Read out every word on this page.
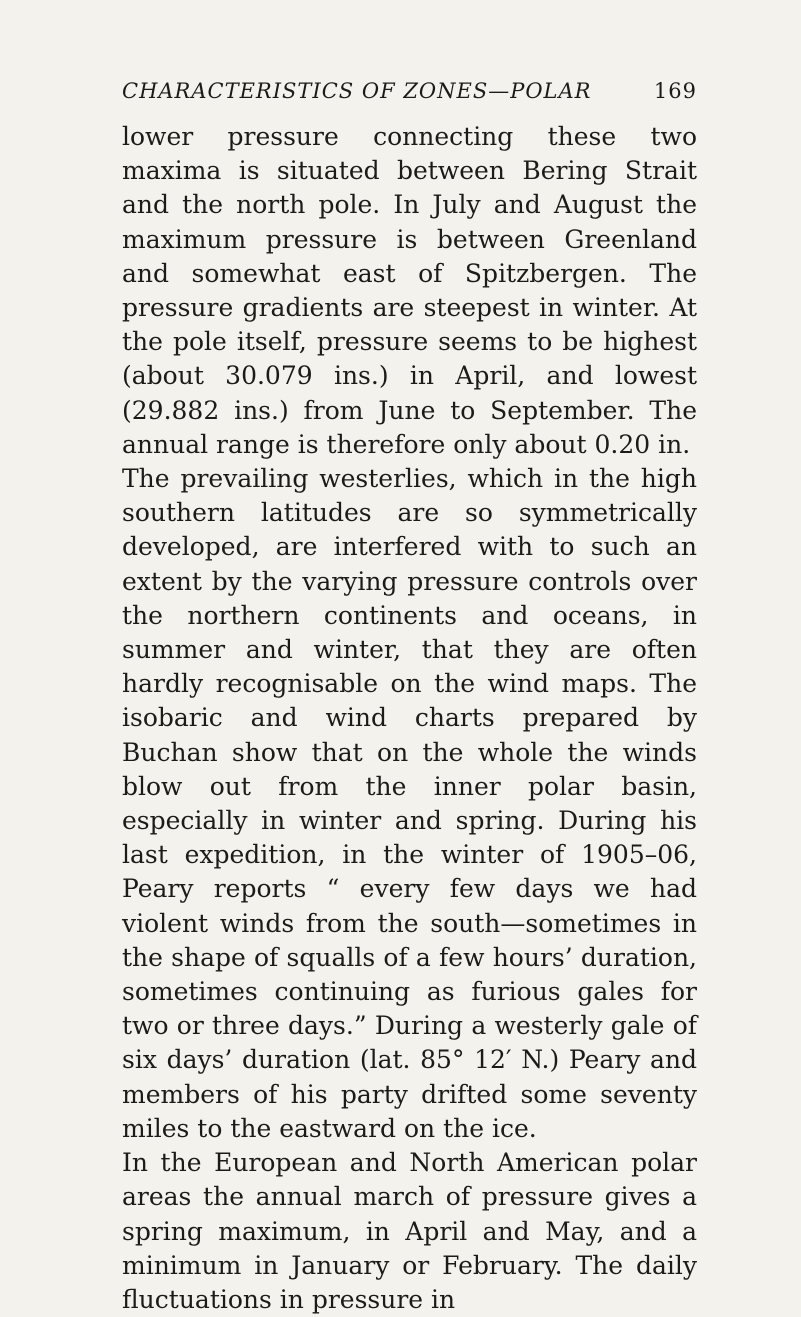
CHARACTERISTICS OF ZONES—POLAR	169

lower pressure connecting these two maxima is situated between Bering Strait and the north pole. In July and August the maximum pressure is between Greenland and somewhat east of Spitzbergen. The pressure gradients are steepest in winter. At the pole itself, pressure seems to be highest (about 30.079 ins.) in April, and lowest (29.882 ins.) from June to September. The annual range is therefore only about 0.20 in.

The prevailing westerlies, which in the high southern latitudes are so symmetrically developed, are interfered with to such an extent by the varying pressure controls over the northern continents and oceans, in summer and winter, that they are often hardly recognisable on the wind maps. The isobaric and wind charts prepared by Buchan show that on the whole the winds blow out from the inner polar basin, especially in winter and spring. During his last expedition, in the winter of 1905–06, Peary reports “ every few days we had violent winds from the south—sometimes in the shape of squalls of a few hours’ duration, sometimes continuing as furious gales for two or three days.” During a westerly gale of six days’ duration (lat. 85° 12′ N.) Peary and members of his party drifted some seventy miles to the eastward on the ice.

In the European and North American polar areas the annual march of pressure gives a spring maximum, in April and May, and a minimum in January or February. The daily fluctuations in pressure in
